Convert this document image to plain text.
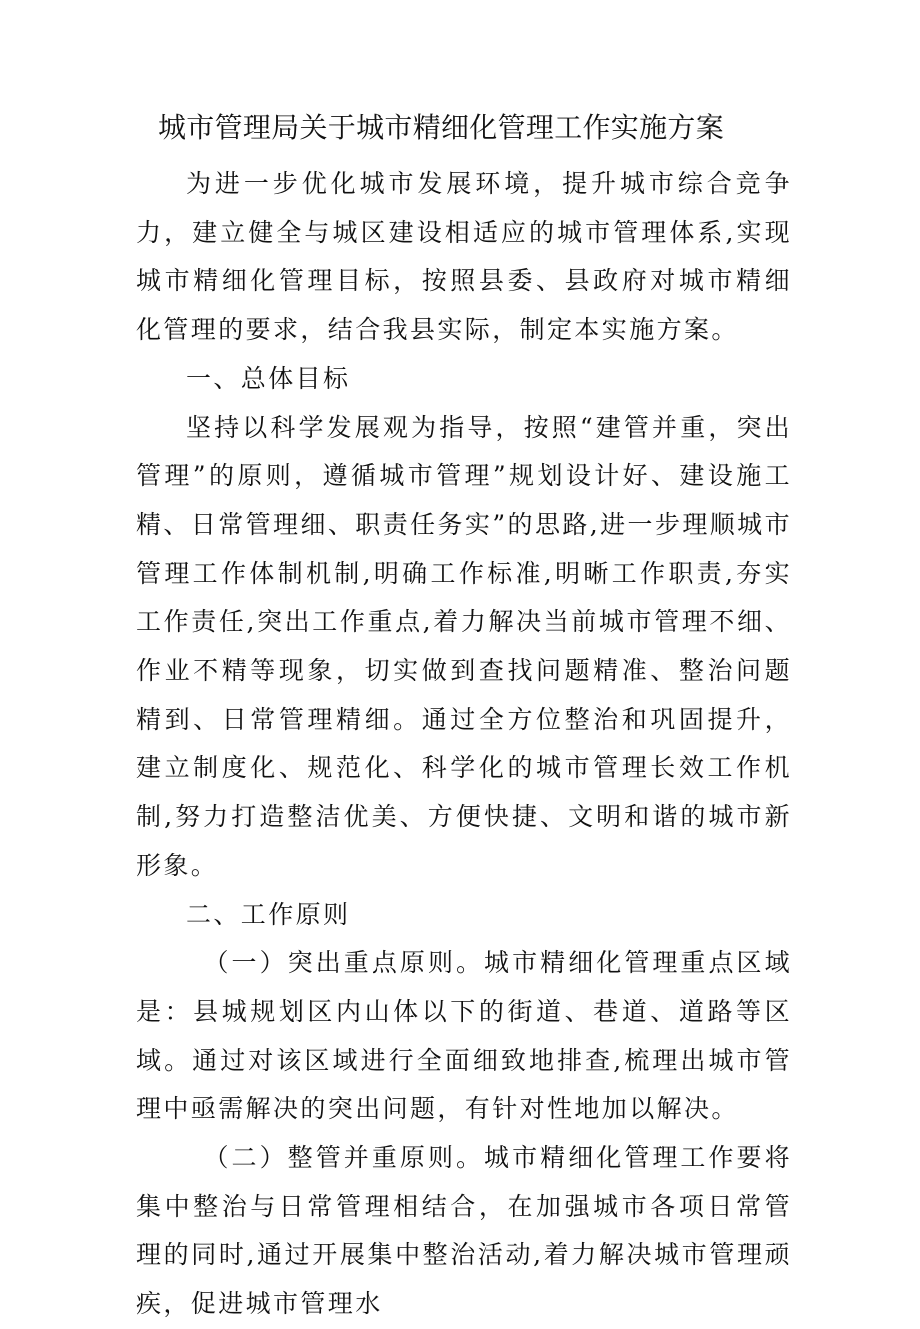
城市管理局关于城市精细化管理工作实施方案

为进一步优化城市发展环境，提升城市综合竞争力，建立健全与城区建设相适应的城市管理体系,实现城市精细化管理目标，按照县委、县政府对城市精细化管理的要求，结合我县实际，制定本实施方案。

一、总体目标

坚持以科学发展观为指导，按照“建管并重，突出管理”的原则，遵循城市管理”规划设计好、建设施工精、日常管理细、职责任务实”的思路,进一步理顺城市管理工作体制机制,明确工作标准,明晰工作职责,夯实工作责任,突出工作重点,着力解决当前城市管理不细、作业不精等现象，切实做到查找问题精准、整治问题精到、日常管理精细。通过全方位整治和巩固提升，建立制度化、规范化、科学化的城市管理长效工作机制,努力打造整洁优美、方便快捷、文明和谐的城市新形象。

二、工作原则

（一）突出重点原则。城市精细化管理重点区域是：县城规划区内山体以下的街道、巷道、道路等区域。通过对该区域进行全面细致地排查,梳理出城市管理中亟需解决的突出问题，有针对性地加以解决。

（二）整管并重原则。城市精细化管理工作要将集中整治与日常管理相结合，在加强城市各项日常管理的同时,通过开展集中整治活动,着力解决城市管理顽疾，促进城市管理水
